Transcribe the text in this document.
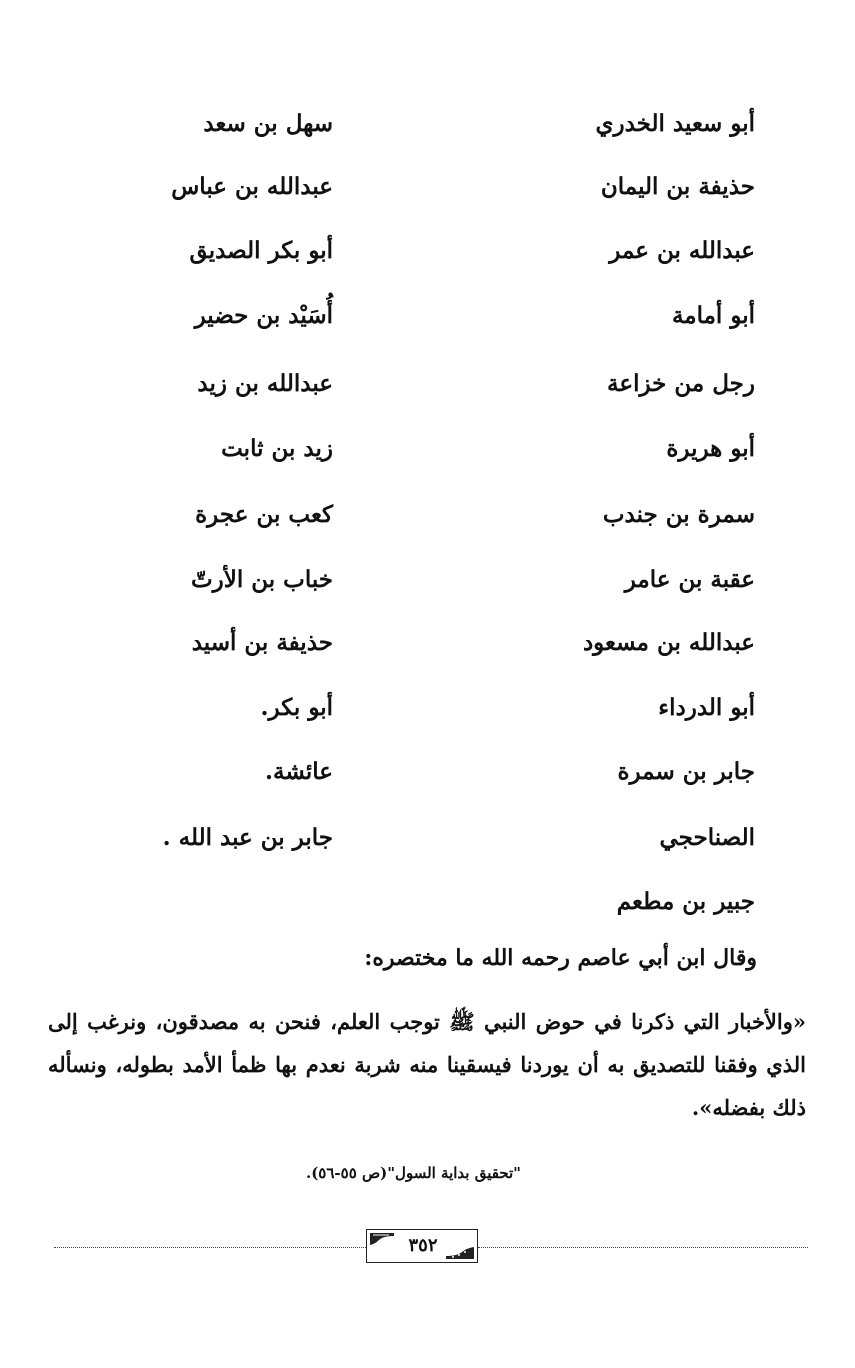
أبو سعيد الخدري
سهل بن سعد
حذيفة بن اليمان
عبدالله بن عباس
عبدالله بن عمر
أبو بكر الصديق
أبو أمامة
أُسَيْد بن حضير
رجل من خزاعة
عبدالله بن زيد
أبو هريرة
زيد بن ثابت
سمرة بن جندب
كعب بن عجرة
عقبة بن عامر
خباب بن الأرتّ
عبدالله بن مسعود
حذيفة بن أسيد
أبو الدرداء
أبو بكر.
جابر بن سمرة
عائشة.
الصناحجي
جابر بن عبد الله .
جبير بن مطعم
وقال ابن أبي عاصم رحمه الله ما مختصره:
«والأخبار التي ذكرنا في حوض النبي ﷺ توجب العلم، فنحن به مصدقون، ونرغب إلى الذي وفقنا للتصديق به أن يوردنا فيسقينا منه شربة نعدم بها ظمأ الأمد بطوله، ونسأله ذلك بفضله».
"تحقيق بداية السول"(ص ٥٥-٥٦).
٣٥٢
